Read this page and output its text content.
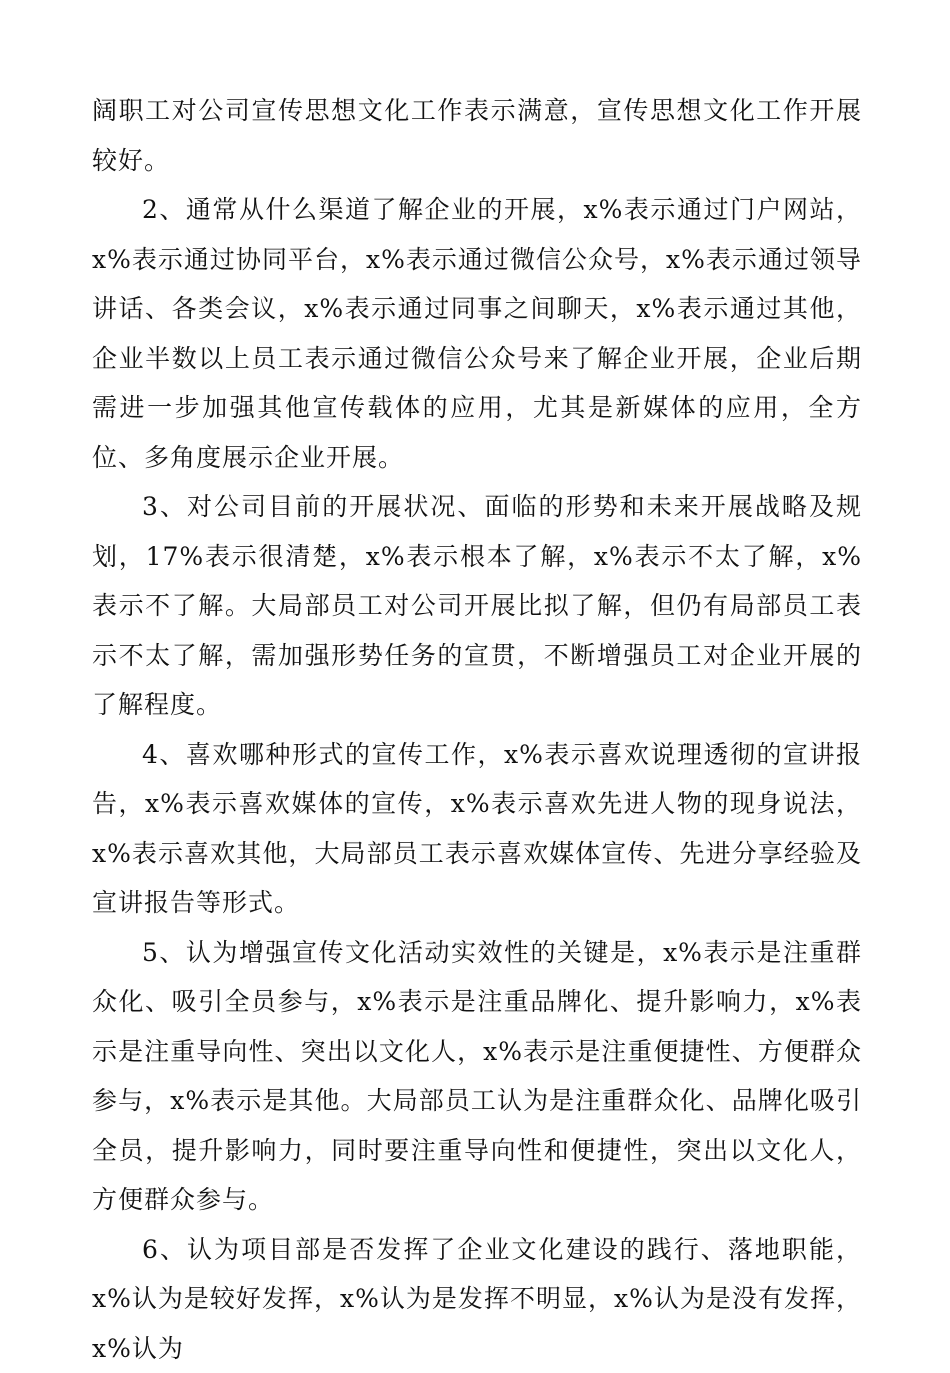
阔职工对公司宣传思想文化工作表示满意，宣传思想文化工作开展较好。

2、通常从什么渠道了解企业的开展，x%表示通过门户网站，x%表示通过协同平台，x%表示通过微信公众号，x%表示通过领导讲话、各类会议，x%表示通过同事之间聊天，x%表示通过其他，企业半数以上员工表示通过微信公众号来了解企业开展，企业后期需进一步加强其他宣传载体的应用，尤其是新媒体的应用，全方位、多角度展示企业开展。

3、对公司目前的开展状况、面临的形势和未来开展战略及规划，17%表示很清楚，x%表示根本了解，x%表示不太了解，x%表示不了解。大局部员工对公司开展比拟了解，但仍有局部员工表示不太了解，需加强形势任务的宣贯，不断增强员工对企业开展的了解程度。

4、喜欢哪种形式的宣传工作，x%表示喜欢说理透彻的宣讲报告，x%表示喜欢媒体的宣传，x%表示喜欢先进人物的现身说法，x%表示喜欢其他，大局部员工表示喜欢媒体宣传、先进分享经验及宣讲报告等形式。

5、认为增强宣传文化活动实效性的关键是，x%表示是注重群众化、吸引全员参与，x%表示是注重品牌化、提升影响力，x%表示是注重导向性、突出以文化人，x%表示是注重便捷性、方便群众参与，x%表示是其他。大局部员工认为是注重群众化、品牌化吸引全员，提升影响力，同时要注重导向性和便捷性，突出以文化人，方便群众参与。

6、认为项目部是否发挥了企业文化建设的践行、落地职能，x%认为是较好发挥，x%认为是发挥不明显，x%认为是没有发挥，x%认为
